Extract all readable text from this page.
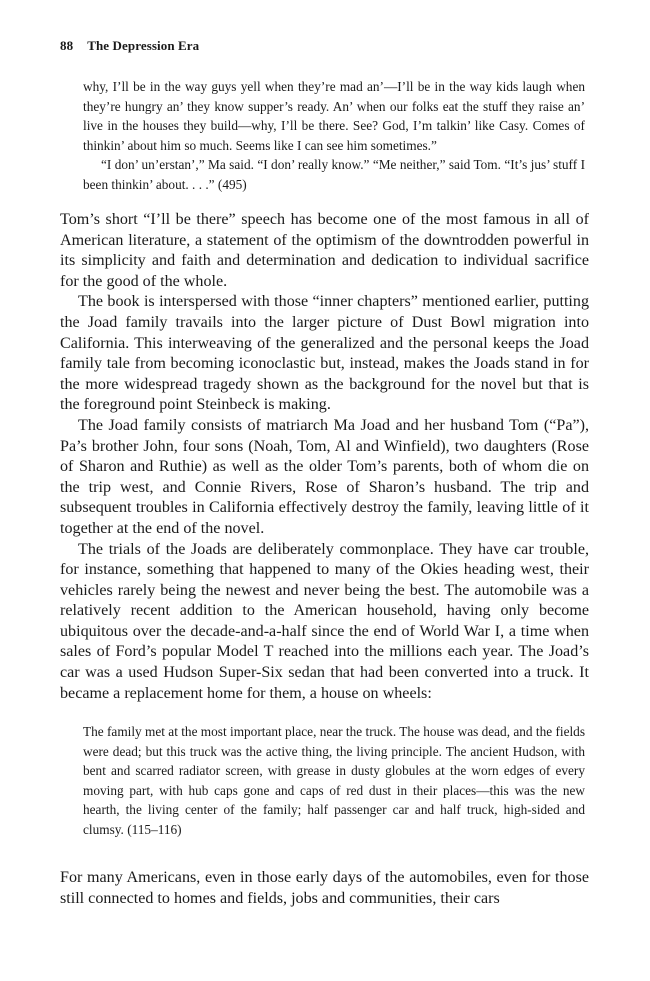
88 The Depression Era

why, I’ll be in the way guys yell when they’re mad an’—I’ll be in the way kids laugh when they’re hungry an’ they know supper’s ready. An’ when our folks eat the stuff they raise an’ live in the houses they build—why, I’ll be there. See? God, I’m talkin’ like Casy. Comes of thinkin’ about him so much. Seems like I can see him sometimes.”

“I don’ un’erstan’,” Ma said. “I don’ really know.” “Me neither,” said Tom. “It’s jus’ stuff I been thinkin’ about. . . .” (495)

Tom’s short “I’ll be there” speech has become one of the most famous in all of American literature, a statement of the optimism of the downtrodden powerful in its simplicity and faith and determination and dedication to individual sacrifice for the good of the whole.

The book is interspersed with those “inner chapters” mentioned earlier, putting the Joad family travails into the larger picture of Dust Bowl migration into California. This interweaving of the generalized and the personal keeps the Joad family tale from becoming iconoclastic but, instead, makes the Joads stand in for the more widespread tragedy shown as the background for the novel but that is the foreground point Steinbeck is making.

The Joad family consists of matriarch Ma Joad and her husband Tom (“Pa”), Pa’s brother John, four sons (Noah, Tom, Al and Winfield), two daughters (Rose of Sharon and Ruthie) as well as the older Tom’s parents, both of whom die on the trip west, and Connie Rivers, Rose of Sharon’s husband. The trip and subsequent troubles in California effectively destroy the family, leaving little of it together at the end of the novel.

The trials of the Joads are deliberately commonplace. They have car trouble, for instance, something that happened to many of the Okies heading west, their vehicles rarely being the newest and never being the best. The automobile was a relatively recent addition to the American household, having only become ubiquitous over the decade-and-a-half since the end of World War I, a time when sales of Ford’s popular Model T reached into the millions each year. The Joad’s car was a used Hudson Super-Six sedan that had been converted into a truck. It became a replacement home for them, a house on wheels:

The family met at the most important place, near the truck. The house was dead, and the fields were dead; but this truck was the active thing, the living principle. The ancient Hudson, with bent and scarred radiator screen, with grease in dusty globules at the worn edges of every moving part, with hub caps gone and caps of red dust in their places—this was the new hearth, the living center of the family; half passenger car and half truck, high-sided and clumsy. (115–116)

For many Americans, even in those early days of the automobiles, even for those still connected to homes and fields, jobs and communities, their cars
